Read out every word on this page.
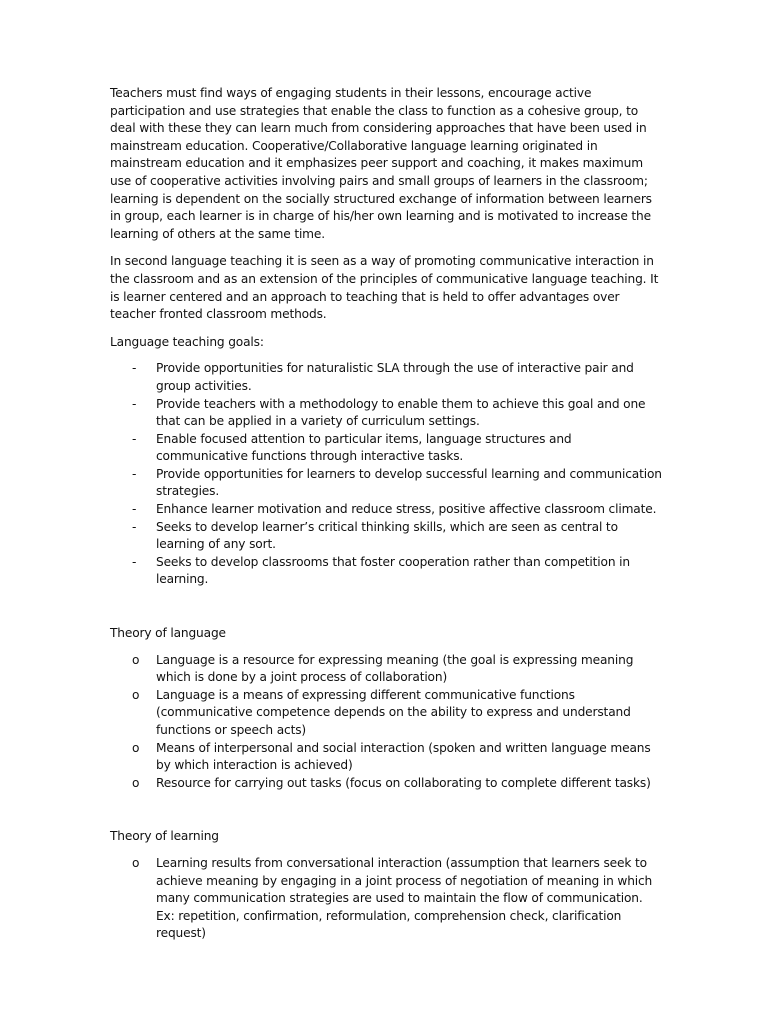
Teachers must find ways of engaging students in their lessons, encourage active participation and use strategies that enable the class to function as a cohesive group, to deal with these they can learn much from considering approaches that have been used in mainstream education. Cooperative/Collaborative language learning originated in mainstream education and it emphasizes peer support and coaching, it makes maximum use of cooperative activities involving pairs and small groups of learners in the classroom; learning is dependent on the socially structured exchange of information between learners in group, each learner is in charge of his/her own learning and is motivated to increase the learning of others at the same time.

In second language teaching it is seen as a way of promoting communicative interaction in the classroom and as an extension of the principles of communicative language teaching. It is learner centered and an approach to teaching that is held to offer advantages over teacher fronted classroom methods.

Language teaching goals:

-	Provide opportunities for naturalistic SLA through the use of interactive pair and group activities.
-	Provide teachers with a methodology to enable them to achieve this goal and one that can be applied in a variety of curriculum settings.
-	Enable focused attention to particular items, language structures and communicative functions through interactive tasks.
-	Provide opportunities for learners to develop successful learning and communication strategies.
-	Enhance learner motivation and reduce stress, positive affective classroom climate.
-	Seeks to develop learner’s critical thinking skills, which are seen as central to learning of any sort.
-	Seeks to develop classrooms that foster cooperation rather than competition in learning.

Theory of language

o	Language is a resource for expressing meaning (the goal is expressing meaning which is done by a joint process of collaboration)
o	Language is a means of expressing different communicative functions (communicative competence depends on the ability to express and understand functions or speech acts)
o	Means of interpersonal and social interaction (spoken and written language means by which interaction is achieved)
o	Resource for carrying out tasks (focus on collaborating to complete different tasks)

Theory of learning

o	Learning results from conversational interaction (assumption that learners seek to achieve meaning by engaging in a joint process of negotiation of meaning in which many communication strategies are used to maintain the flow of communication. Ex: repetition, confirmation, reformulation, comprehension check, clarification request)
